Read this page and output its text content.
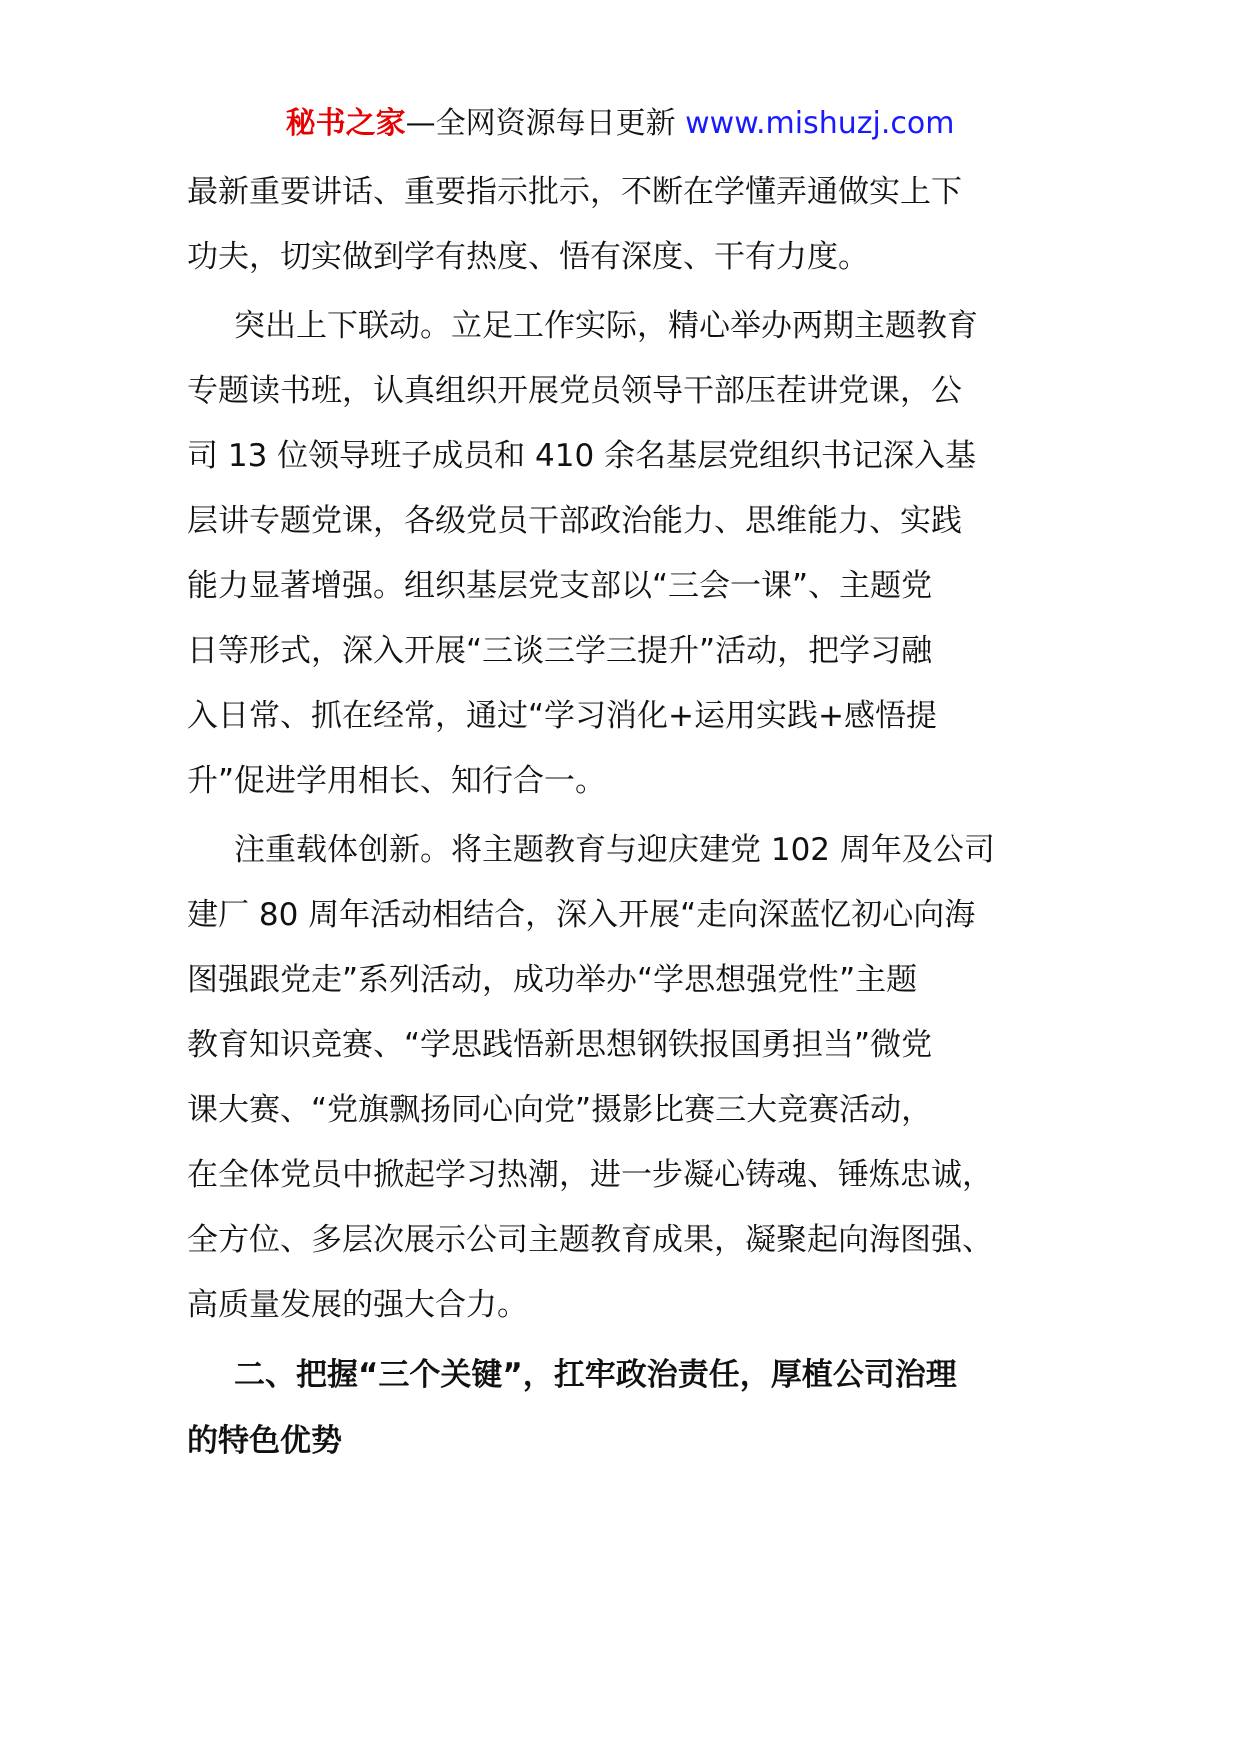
秘书之家—全网资源每日更新 www.mishuzj.com

最新重要讲话、重要指示批示，不断在学懂弄通做实上下

功夫，切实做到学有热度、悟有深度、干有力度。

突出上下联动。立足工作实际，精心举办两期主题教育

专题读书班，认真组织开展党员领导干部压茬讲党课，公

司 13 位领导班子成员和 410 余名基层党组织书记深入基

层讲专题党课，各级党员干部政治能力、思维能力、实践

能力显著增强。组织基层党支部以“三会一课”、主题党

日等形式，深入开展“三谈三学三提升”活动，把学习融

入日常、抓在经常，通过“学习消化+运用实践+感悟提

升”促进学用相长、知行合一。

注重载体创新。将主题教育与迎庆建党 102 周年及公司

建厂 80 周年活动相结合，深入开展“走向深蓝忆初心向海

图强跟党走”系列活动，成功举办“学思想强党性”主题

教育知识竞赛、“学思践悟新思想钢铁报国勇担当”微党

课大赛、“党旗飘扬同心向党”摄影比赛三大竞赛活动，

在全体党员中掀起学习热潮，进一步凝心铸魂、锤炼忠诚，

全方位、多层次展示公司主题教育成果，凝聚起向海图强、

高质量发展的强大合力。

二、把握“三个关键”，扛牢政治责任，厚植公司治理

的特色优势
